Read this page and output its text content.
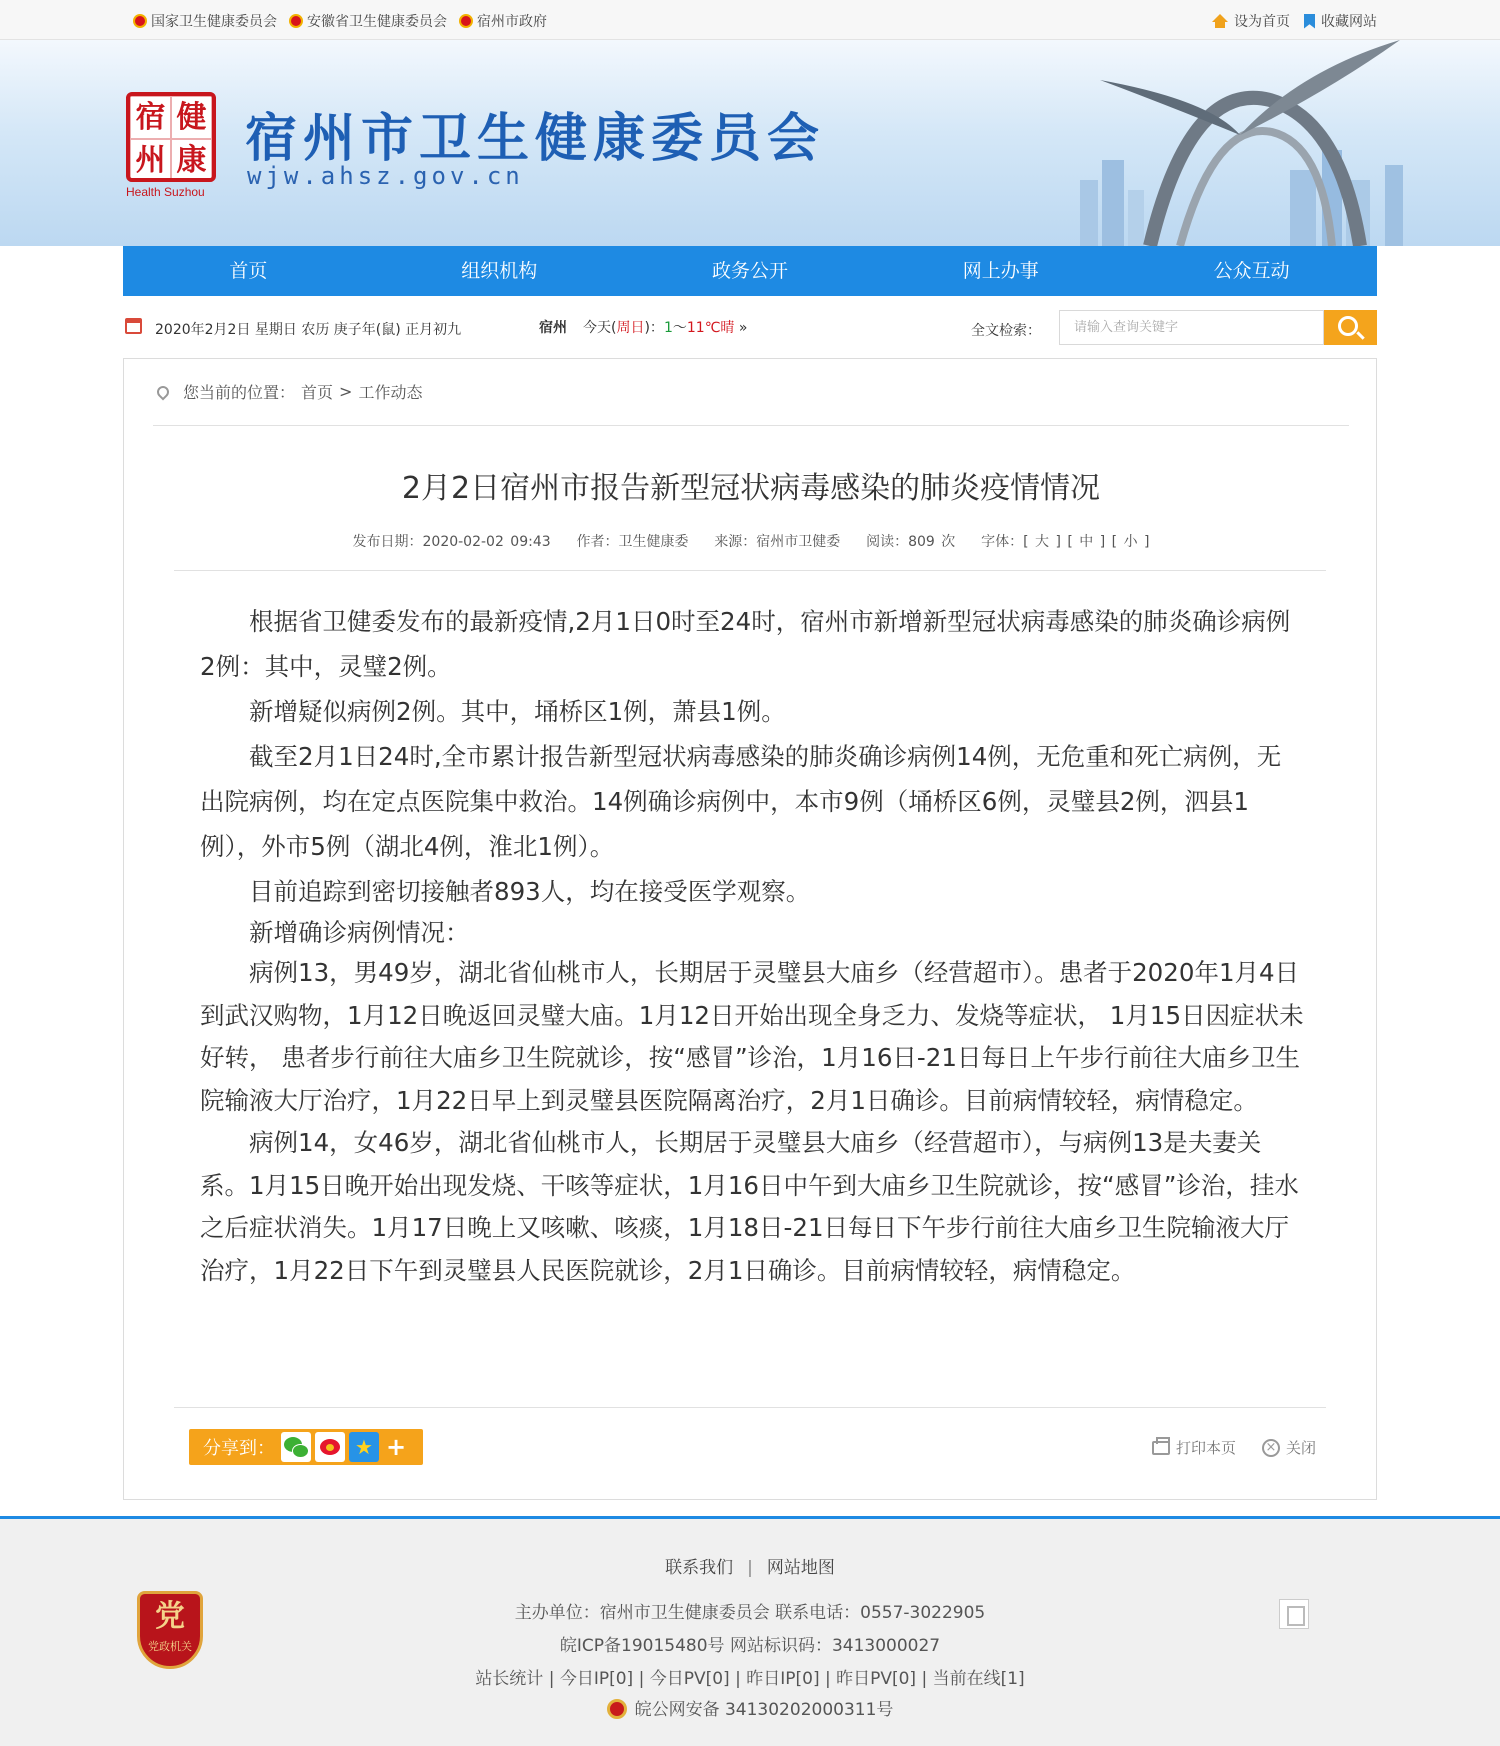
国家卫生健康委员会 安徽省卫生健康委员会 宿州市政府	设为首页 收藏网站
宿 健
州 康
Health Suzhou
宿州市卫生健康委员会
wjw.ahsz.gov.cn
首页	组织机构	政务公开	网上办事	公众互动
2020年2月2日 星期日 农历 庚子年(鼠) 正月初九	宿州 今天(周日)：1～11℃晴 »	全文检索：	请输入查询关键字
您当前的位置： 首页 > 工作动态
2月2日宿州市报告新型冠状病毒感染的肺炎疫情情况
发布日期：2020-02-02 09:43 作者：卫生健康委 来源：宿州市卫健委 阅读：809 次 字体：[ 大 ] [ 中 ] [ 小 ]

根据省卫健委发布的最新疫情,2月1日0时至24时，宿州市新增新型冠状病毒感染的肺炎确诊病例2例：其中，灵璧2例。

新增疑似病例2例。其中，埇桥区1例，萧县1例。

截至2月1日24时,全市累计报告新型冠状病毒感染的肺炎确诊病例14例，无危重和死亡病例，无出院病例，均在定点医院集中救治。14例确诊病例中，本市9例（埇桥区6例，灵璧县2例，泗县1例），外市5例（湖北4例，淮北1例）。

目前追踪到密切接触者893人，均在接受医学观察。

新增确诊病例情况：

病例13，男49岁，湖北省仙桃市人，长期居于灵璧县大庙乡（经营超市）。患者于2020年1月4日到武汉购物，1月12日晚返回灵璧大庙。1月12日开始出现全身乏力、发烧等症状， 1月15日因症状未好转， 患者步行前往大庙乡卫生院就诊，按“感冒”诊治，1月16日-21日每日上午步行前往大庙乡卫生院输液大厅治疗，1月22日早上到灵璧县医院隔离治疗，2月1日确诊。目前病情较轻，病情稳定。

病例14，女46岁，湖北省仙桃市人，长期居于灵璧县大庙乡（经营超市），与病例13是夫妻关系。1月15日晚开始出现发烧、干咳等症状，1月16日中午到大庙乡卫生院就诊，按“感冒”诊治，挂水之后症状消失。1月17日晚上又咳嗽、咳痰，1月18日-21日每日下午步行前往大庙乡卫生院输液大厅治疗，1月22日下午到灵璧县人民医院就诊，2月1日确诊。目前病情较轻，病情稳定。

分享到：	★ +	打印本页 × 关闭
联系我们 | 网站地图
党
党政机关
主办单位：宿州市卫生健康委员会 联系电话：0557-3022905
皖ICP备19015480号 网站标识码：3413000027
站长统计 | 今日IP[0] | 今日PV[0] | 昨日IP[0] | 昨日PV[0] | 当前在线[1]
皖公网安备 34130202000311号
